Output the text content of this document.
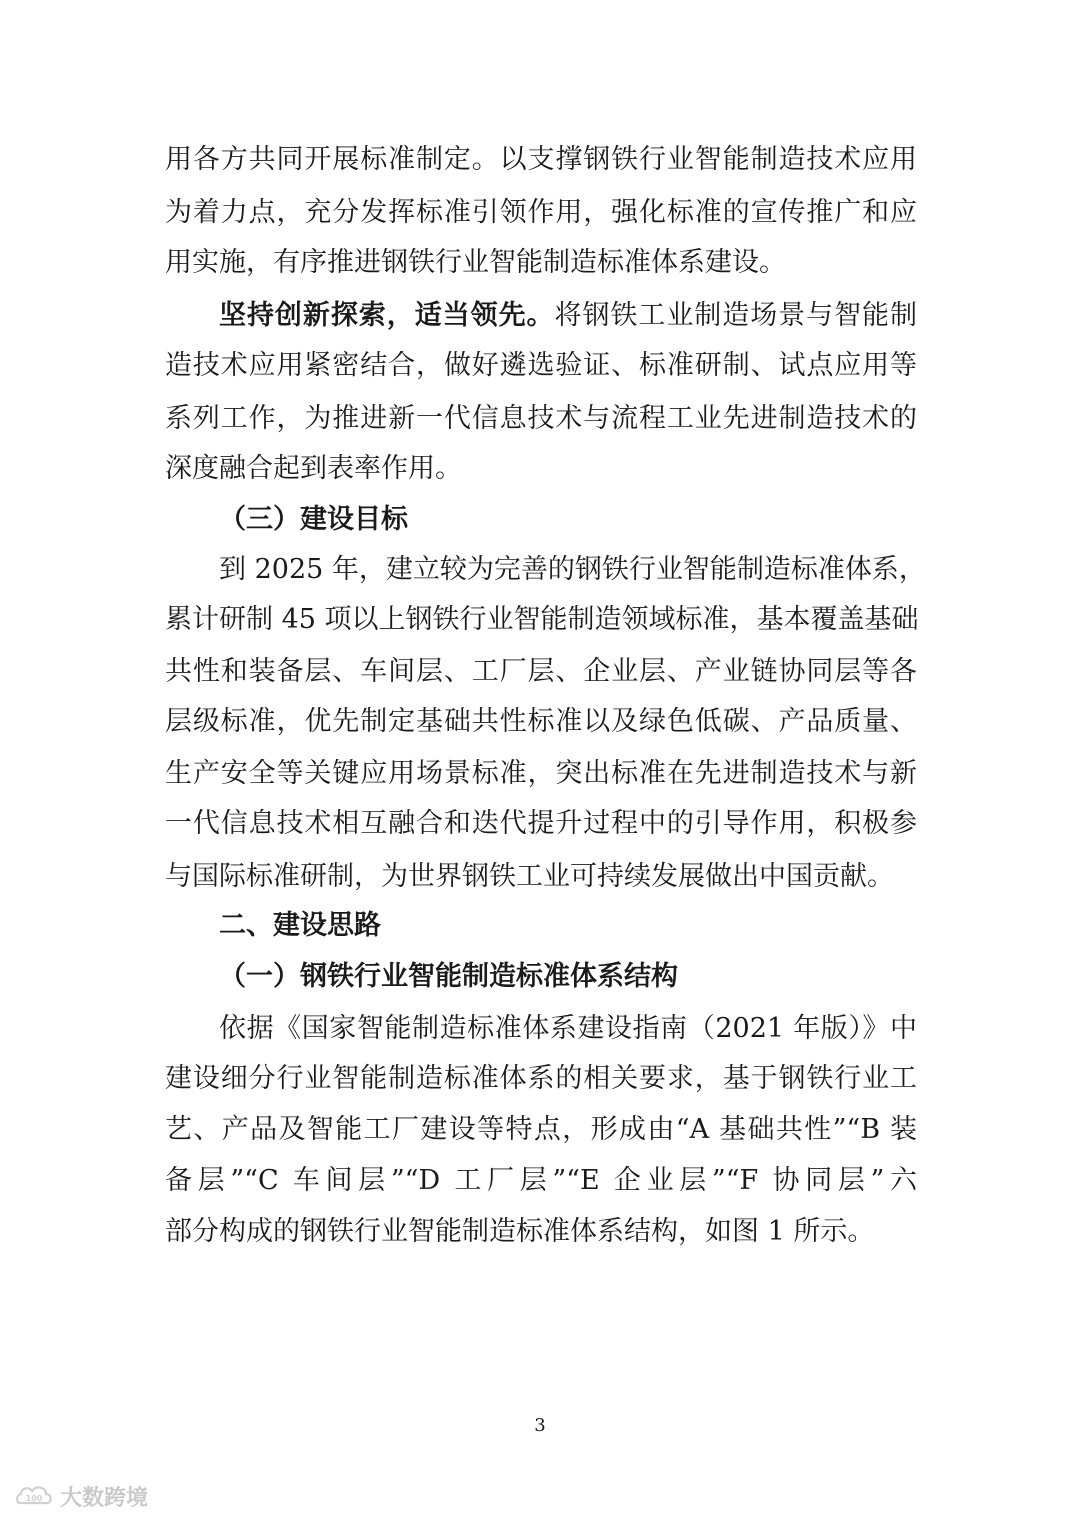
用各方共同开展标准制定。以支撑钢铁行业智能制造技术应用
为着力点，充分发挥标准引领作用，强化标准的宣传推广和应
用实施，有序推进钢铁行业智能制造标准体系建设。
坚持创新探索，适当领先。将钢铁工业制造场景与智能制
造技术应用紧密结合，做好遴选验证、标准研制、试点应用等
系列工作，为推进新一代信息技术与流程工业先进制造技术的
深度融合起到表率作用。
（三）建设目标
到 2025 年，建立较为完善的钢铁行业智能制造标准体系，
累计研制 45 项以上钢铁行业智能制造领域标准，基本覆盖基础
共性和装备层、车间层、工厂层、企业层、产业链协同层等各
层级标准，优先制定基础共性标准以及绿色低碳、产品质量、
生产安全等关键应用场景标准，突出标准在先进制造技术与新
一代信息技术相互融合和迭代提升过程中的引导作用，积极参
与国际标准研制，为世界钢铁工业可持续发展做出中国贡献。
二、建设思路
（一）钢铁行业智能制造标准体系结构
依据《国家智能制造标准体系建设指南（2021 年版）》中
建设细分行业智能制造标准体系的相关要求，基于钢铁行业工
艺、产品及智能工厂建设等特点，形成由“A 基础共性”“B 装
备层”“C 车间层”“D 工厂层”“E 企业层”“F 协同层”六
部分构成的钢铁行业智能制造标准体系结构，如图 1 所示。
3
100 大数跨境
